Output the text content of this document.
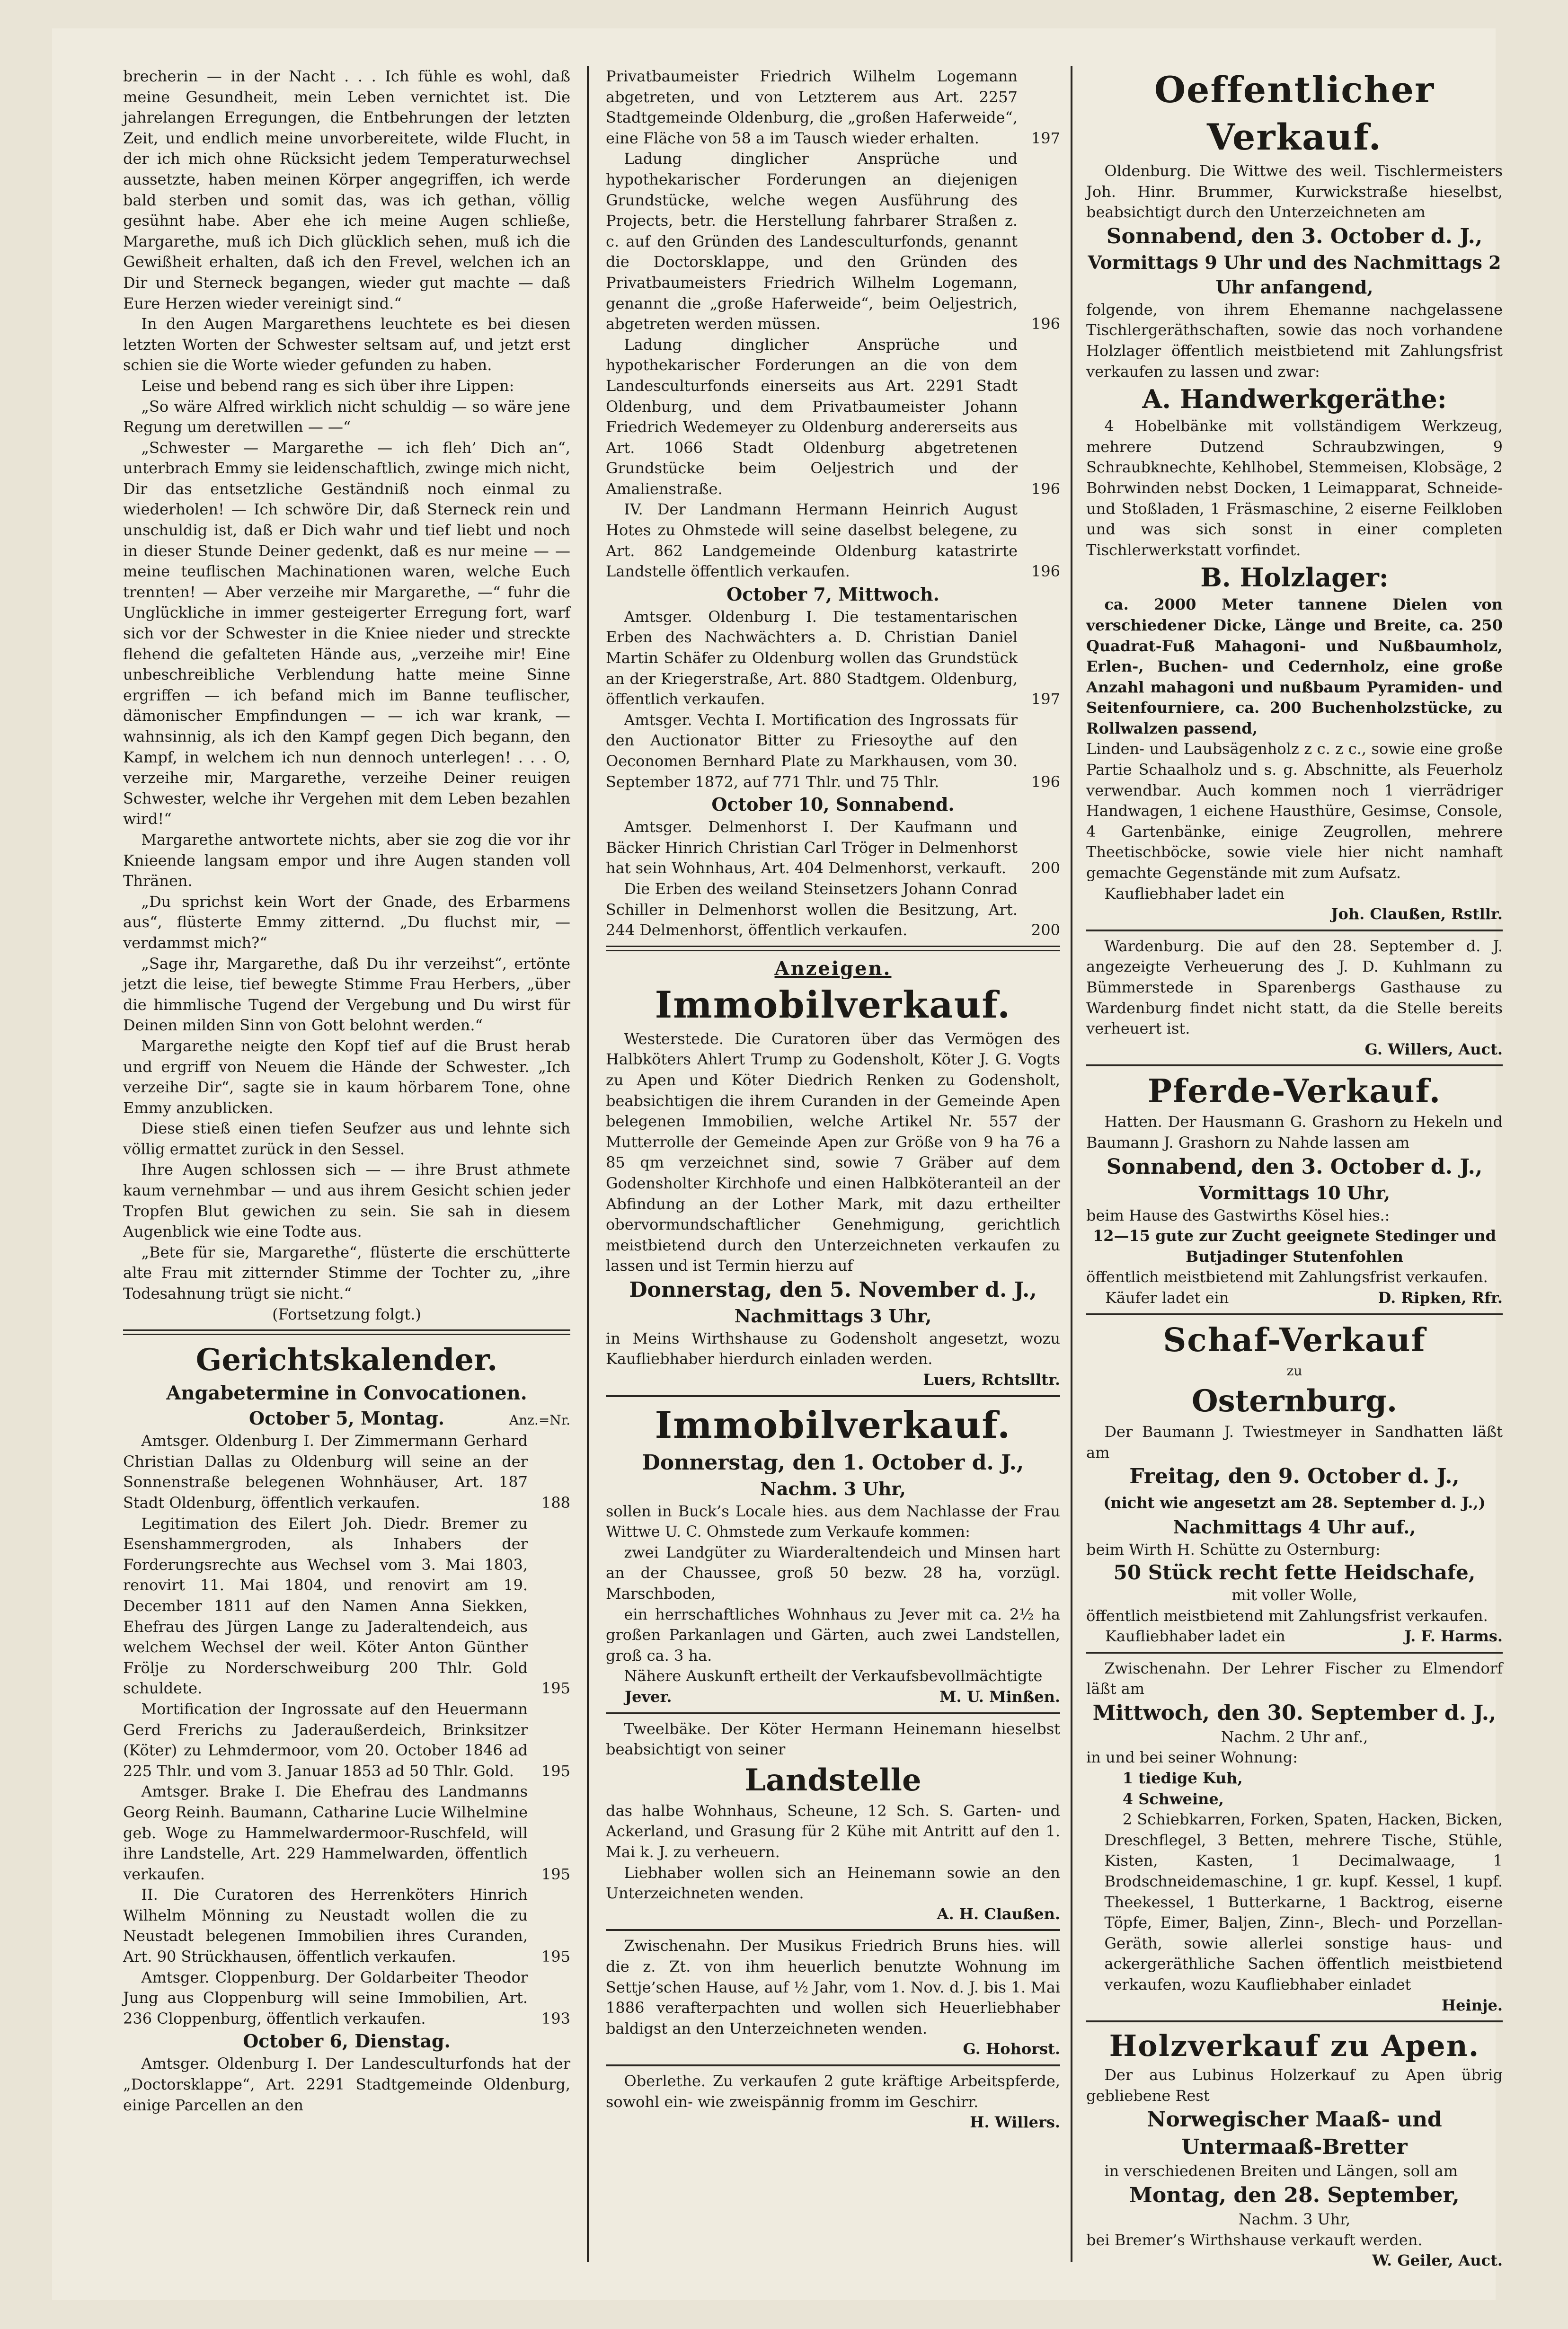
brecherin — in der Nacht . . . Ich fühle es wohl, daß meine Gesundheit, mein Leben vernichtet ist. Die jahrelangen Erregungen, die Entbehrungen der letzten Zeit, und endlich meine unvorbereitete, wilde Flucht, in der ich mich ohne Rücksicht jedem Temperaturwechsel aussetzte, haben meinen Körper angegriffen, ich werde bald sterben und somit das, was ich gethan, völlig gesühnt habe. Aber ehe ich meine Augen schließe, Margarethe, muß ich Dich glücklich sehen, muß ich die Gewißheit erhalten, daß ich den Frevel, welchen ich an Dir und Sterneck begangen, wieder gut machte — daß Eure Herzen wieder vereinigt sind.“

In den Augen Margarethens leuchtete es bei diesen letzten Worten der Schwester seltsam auf, und jetzt erst schien sie die Worte wieder gefunden zu haben.

Leise und bebend rang es sich über ihre Lippen:

„So wäre Alfred wirklich nicht schuldig — so wäre jene Regung um deretwillen — —“

„Schwester — Margarethe — ich fleh’ Dich an“, unterbrach Emmy sie leidenschaftlich, zwinge mich nicht, Dir das entsetzliche Geständniß noch einmal zu wiederholen! — Ich schwöre Dir, daß Sterneck rein und unschuldig ist, daß er Dich wahr und tief liebt und noch in dieser Stunde Deiner gedenkt, daß es nur meine — — meine teuflischen Machinationen waren, welche Euch trennten! — Aber verzeihe mir Margarethe, —“ fuhr die Unglückliche in immer gesteigerter Erregung fort, warf sich vor der Schwester in die Kniee nieder und streckte flehend die gefalteten Hände aus, „verzeihe mir! Eine unbeschreibliche Verblendung hatte meine Sinne ergriffen — ich befand mich im Banne teuflischer, dämonischer Empfindungen — — ich war krank, — wahnsinnig, als ich den Kampf gegen Dich begann, den Kampf, in welchem ich nun dennoch unterlegen! . . . O, verzeihe mir, Margarethe, verzeihe Deiner reuigen Schwester, welche ihr Vergehen mit dem Leben bezahlen wird!“

Margarethe antwortete nichts, aber sie zog die vor ihr Knieende langsam empor und ihre Augen standen voll Thränen.

„Du sprichst kein Wort der Gnade, des Erbarmens aus“, flüsterte Emmy zitternd. „Du fluchst mir, — verdammst mich?“

„Sage ihr, Margarethe, daß Du ihr verzeihst“, ertönte jetzt die leise, tief bewegte Stimme Frau Herbers, „über die himmlische Tugend der Vergebung und Du wirst für Deinen milden Sinn von Gott belohnt werden.“

Margarethe neigte den Kopf tief auf die Brust herab und ergriff von Neuem die Hände der Schwester. „Ich verzeihe Dir“, sagte sie in kaum hörbarem Tone, ohne Emmy anzublicken.

Diese stieß einen tiefen Seufzer aus und lehnte sich völlig ermattet zurück in den Sessel.

Ihre Augen schlossen sich — — ihre Brust athmete kaum vernehmbar — und aus ihrem Gesicht schien jeder Tropfen Blut gewichen zu sein. Sie sah in diesem Augenblick wie eine Todte aus.

„Bete für sie, Margarethe“, flüsterte die erschütterte alte Frau mit zitternder Stimme der Tochter zu, „ihre Todesahnung trügt sie nicht.“

(Fortsetzung folgt.)

Gerichtskalender.
Angabetermine in Convocationen.
October 5, Montag.	Anz.=Nr.

Amtsger. Oldenburg I. Der Zimmermann Gerhard Christian Dallas zu Oldenburg will seine an der Sonnenstraße belegenen Wohnhäuser, Art. 187 Stadt Oldenburg, öffentlich verkaufen.	188

Legitimation des Eilert Joh. Diedr. Bremer zu Esenshammergroden, als Inhabers der Forderungsrechte aus Wechsel vom 3. Mai 1803, renovirt 11. Mai 1804, und renovirt am 19. December 1811 auf den Namen Anna Siekken, Ehefrau des Jürgen Lange zu Jaderaltendeich, aus welchem Wechsel der weil. Köter Anton Günther Frölje zu Norderschweiburg 200 Thlr. Gold schuldete.	195

Mortification der Ingrossate auf den Heuermann Gerd Frerichs zu Jaderaußerdeich, Brinksitzer (Köter) zu Lehmdermoor, vom 20. October 1846 ad 225 Thlr. und vom 3. Januar 1853 ad 50 Thlr. Gold.	195

Amtsger. Brake I. Die Ehefrau des Landmanns Georg Reinh. Baumann, Catharine Lucie Wilhelmine geb. Woge zu Hammelwardermoor-Ruschfeld, will ihre Landstelle, Art. 229 Hammelwarden, öffentlich verkaufen.	195

II. Die Curatoren des Herrenköters Hinrich Wilhelm Mönning zu Neustadt wollen die zu Neustadt belegenen Immobilien ihres Curanden, Art. 90 Strückhausen, öffentlich verkaufen.	195

Amtsger. Cloppenburg. Der Goldarbeiter Theodor Jung aus Cloppenburg will seine Immobilien, Art. 236 Cloppenburg, öffentlich verkaufen.	193

October 6, Dienstag.

Amtsger. Oldenburg I. Der Landesculturfonds hat der „Doctorsklappe“, Art. 2291 Stadtgemeinde Oldenburg, einige Parcellen an den

Privatbaumeister Friedrich Wilhelm Logemann abgetreten, und von Letzterem aus Art. 2257 Stadtgemeinde Oldenburg, die „großen Haferweide“, eine Fläche von 58 a im Tausch wieder erhalten.	197

Ladung dinglicher Ansprüche und hypothekarischer Forderungen an diejenigen Grundstücke, welche wegen Ausführung des Projects, betr. die Herstellung fahrbarer Straßen z. c. auf den Gründen des Landesculturfonds, genannt die Doctorsklappe, und den Gründen des Privatbaumeisters Friedrich Wilhelm Logemann, genannt die „große Haferweide“, beim Oeljestrich, abgetreten werden müssen.	196

Ladung dinglicher Ansprüche und hypothekarischer Forderungen an die von dem Landesculturfonds einerseits aus Art. 2291 Stadt Oldenburg, und dem Privatbaumeister Johann Friedrich Wedemeyer zu Oldenburg andererseits aus Art. 1066 Stadt Oldenburg abgetretenen Grundstücke beim Oeljestrich und der Amalienstraße.	196

IV. Der Landmann Hermann Heinrich August Hotes zu Ohmstede will seine daselbst belegene, zu Art. 862 Landgemeinde Oldenburg katastrirte Landstelle öffentlich verkaufen.	196

October 7, Mittwoch.

Amtsger. Oldenburg I. Die testamentarischen Erben des Nachwächters a. D. Christian Daniel Martin Schäfer zu Oldenburg wollen das Grundstück an der Kriegerstraße, Art. 880 Stadtgem. Oldenburg, öffentlich verkaufen.	197

Amtsger. Vechta I. Mortification des Ingrossats für den Auctionator Bitter zu Friesoythe auf den Oeconomen Bernhard Plate zu Markhausen, vom 30. September 1872, auf 771 Thlr. und 75 Thlr.	196

October 10, Sonnabend.

Amtsger. Delmenhorst I. Der Kaufmann und Bäcker Hinrich Christian Carl Tröger in Delmenhorst hat sein Wohnhaus, Art. 404 Delmenhorst, verkauft.	200

Die Erben des weiland Steinsetzers Johann Conrad Schiller in Delmenhorst wollen die Besitzung, Art. 244 Delmenhorst, öffentlich verkaufen.	200

Anzeigen.
Immobilverkauf.

Westerstede. Die Curatoren über das Vermögen des Halbköters Ahlert Trump zu Godensholt, Köter J. G. Vogts zu Apen und Köter Diedrich Renken zu Godensholt, beabsichtigen die ihrem Curanden in der Gemeinde Apen belegenen Immobilien, welche Artikel Nr. 557 der Mutterrolle der Gemeinde Apen zur Größe von 9 ha 76 a 85 qm verzeichnet sind, sowie 7 Gräber auf dem Godensholter Kirchhofe und einen Halbköteranteil an der Abfindung an der Lother Mark, mit dazu ertheilter obervormundschaftlicher Genehmigung, gerichtlich meistbietend durch den Unterzeichneten verkaufen zu lassen und ist Termin hierzu auf

Donnerstag, den 5. November d. J.,
Nachmittags 3 Uhr,

in Meins Wirthshause zu Godensholt angesetzt, wozu Kaufliebhaber hierdurch einladen werden.

Luers, Rchtslltr.
Immobilverkauf.
Donnerstag, den 1. October d. J.,
Nachm. 3 Uhr,

sollen in Buck’s Locale hies. aus dem Nachlasse der Frau Wittwe U. C. Ohmstede zum Verkaufe kommen:

zwei Landgüter zu Wiarderaltendeich und Minsen hart an der Chaussee, groß 50 bezw. 28 ha, vorzügl. Marschboden,

ein herrschaftliches Wohnhaus zu Jever mit ca. 2½ ha großen Parkanlagen und Gärten, auch zwei Landstellen, groß ca. 3 ha.

Nähere Auskunft ertheilt der Verkaufsbevollmächtigte

Jever.	M. U. Minßen.

Tweelbäke. Der Köter Hermann Heinemann hieselbst beabsichtigt von seiner

Landstelle

das halbe Wohnhaus, Scheune, 12 Sch. S. Garten- und Ackerland, und Grasung für 2 Kühe mit Antritt auf den 1. Mai k. J. zu verheuern.

Liebhaber wollen sich an Heinemann sowie an den Unterzeichneten wenden.

A. H. Claußen.

Zwischenahn. Der Musikus Friedrich Bruns hies. will die z. Zt. von ihm heuerlich benutzte Wohnung im Settje’schen Hause, auf ½ Jahr, vom 1. Nov. d. J. bis 1. Mai 1886 verafterpachten und wollen sich Heuerliebhaber baldigst an den Unterzeichneten wenden.

G. Hohorst.

Oberlethe. Zu verkaufen 2 gute kräftige Arbeitspferde, sowohl ein- wie zweispännig fromm im Geschirr.

H. Willers.
Oeffentlicher Verkauf.

Oldenburg. Die Wittwe des weil. Tischlermeisters Joh. Hinr. Brummer, Kurwickstraße hieselbst, beabsichtigt durch den Unterzeichneten am

Sonnabend, den 3. October d. J.,
Vormittags 9 Uhr und des Nachmittags 2 Uhr anfangend,

folgende, von ihrem Ehemanne nachgelassene Tischlergeräthschaften, sowie das noch vorhandene Holzlager öffentlich meistbietend mit Zahlungsfrist verkaufen zu lassen und zwar:

A. Handwerkgeräthe:

4 Hobelbänke mit vollständigem Werkzeug, mehrere Dutzend Schraubzwingen, 9 Schraubknechte, Kehlhobel, Stemmeisen, Klobsäge, 2 Bohrwinden nebst Docken, 1 Leimapparat, Schneide- und Stoßladen, 1 Fräsmaschine, 2 eiserne Feilkloben und was sich sonst in einer completen Tischlerwerkstatt vorfindet.

B. Holzlager:

ca. 2000 Meter tannene Dielen von verschiedener Dicke, Länge und Breite, ca. 250 Quadrat-Fuß Mahagoni- und Nußbaumholz, Erlen-, Buchen- und Cedernholz, eine große Anzahl mahagoni und nußbaum Pyramiden- und Seitenfourniere, ca. 200 Buchenholzstücke, zu Rollwalzen passend,

Linden- und Laubsägenholz z c. z c., sowie eine große Partie Schaalholz und s. g. Abschnitte, als Feuerholz verwendbar. Auch kommen noch 1 vierrädriger Handwagen, 1 eichene Hausthüre, Gesimse, Console, 4 Gartenbänke, einige Zeugrollen, mehrere Theetischböcke, sowie viele hier nicht namhaft gemachte Gegenstände mit zum Aufsatz.

Kaufliebhaber ladet ein

Joh. Claußen, Rstllr.

Wardenburg. Die auf den 28. September d. J. angezeigte Verheuerung des J. D. Kuhlmann zu Bümmerstede in Sparenbergs Gasthause zu Wardenburg findet nicht statt, da die Stelle bereits verheuert ist.

G. Willers, Auct.
Pferde-Verkauf.

Hatten. Der Hausmann G. Grashorn zu Hekeln und Baumann J. Grashorn zu Nahde lassen am

Sonnabend, den 3. October d. J.,
Vormittags 10 Uhr,

beim Hause des Gastwirths Kösel hies.:

12—15 gute zur Zucht geeignete Stedinger und Butjadinger Stutenfohlen

öffentlich meistbietend mit Zahlungsfrist verkaufen.

Käufer ladet ein	D. Ripken, Rfr.
Schaf-Verkauf
zu
Osternburg.

Der Baumann J. Twiestmeyer in Sandhatten läßt am

Freitag, den 9. October d. J.,
(nicht wie angesetzt am 28. September d. J.,)
Nachmittags 4 Uhr auf.,

beim Wirth H. Schütte zu Osternburg:

50 Stück recht fette Heidschafe,
mit voller Wolle,

öffentlich meistbietend mit Zahlungsfrist verkaufen.

Kaufliebhaber ladet ein	J. F. Harms.

Zwischenahn. Der Lehrer Fischer zu Elmendorf läßt am

Mittwoch, den 30. September d. J.,
Nachm. 2 Uhr anf.,

in und bei seiner Wohnung:

1 tiedige Kuh,

4 Schweine,

2 Schiebkarren, Forken, Spaten, Hacken, Bicken, Dreschflegel, 3 Betten, mehrere Tische, Stühle, Kisten, Kasten, 1 Decimalwaage, 1 Brodschneidemaschine, 1 gr. kupf. Kessel, 1 kupf. Theekessel, 1 Butterkarne, 1 Backtrog, eiserne Töpfe, Eimer, Baljen, Zinn-, Blech- und Porzellan-Geräth, sowie allerlei sonstige haus- und ackergeräthliche Sachen öffentlich meistbietend verkaufen, wozu Kaufliebhaber einladet

Heinje.
Holzverkauf zu Apen.

Der aus Lubinus Holzerkauf zu Apen übrig gebliebene Rest

Norwegischer Maaß- und Untermaaß-Bretter

in verschiedenen Breiten und Längen, soll am

Montag, den 28. September,
Nachm. 3 Uhr,

bei Bremer’s Wirthshause verkauft werden.

W. Geiler, Auct.
